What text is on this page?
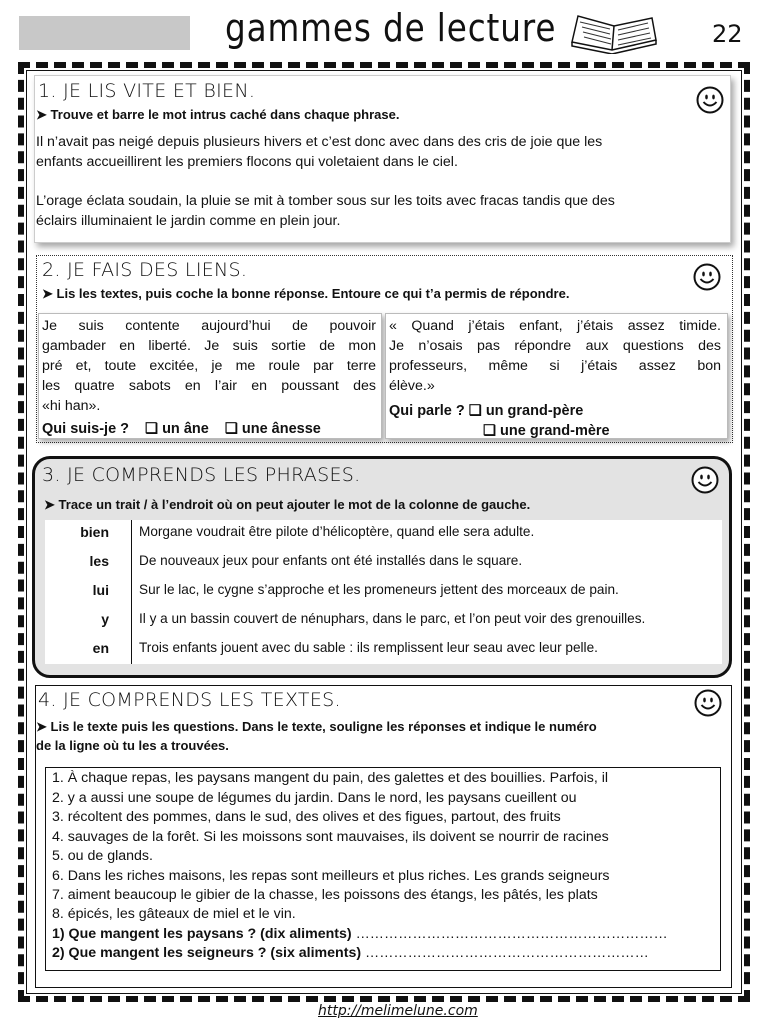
gammes de lecture	22
1. JE LIS VITE ET BIEN.
➤ Trouve et barre le mot intrus caché dans chaque phrase.
Il n’avait pas neigé depuis plusieurs hivers et c’est donc avec dans des cris de joie que les
enfants accueillirent les premiers flocons qui voletaient dans le ciel.
L’orage éclata soudain, la pluie se mit à tomber sous sur les toits avec fracas tandis que des
éclairs illuminaient le jardin comme en plein jour.
2. JE FAIS DES LIENS.
➤ Lis les textes, puis coche la bonne réponse. Entoure ce qui t’a permis de répondre.
Je suis contente aujourd’hui de pouvoir
gambader en liberté. Je suis sortie de mon
pré et, toute excitée, je me roule par terre
les quatre sabots en l’air en poussant des
«hi han».
Qui suis-je ? ❏ un âne ❏ une ânesse
« Quand j’étais enfant, j’étais assez timide.
Je n’osais pas répondre aux questions des
professeurs, même si j’étais assez bon
élève.»
Qui parle ? ❏ un grand-père
❏ une grand-mère
3. JE COMPRENDS LES PHRASES.
➤ Trace un trait / à l’endroit où on peut ajouter le mot de la colonne de gauche.
bien Morgane voudrait être pilote d’hélicoptère, quand elle sera adulte.
les De nouveaux jeux pour enfants ont été installés dans le square.
lui Sur le lac, le cygne s’approche et les promeneurs jettent des morceaux de pain.
y Il y a un bassin couvert de nénuphars, dans le parc, et l’on peut voir des grenouilles.
en Trois enfants jouent avec du sable : ils remplissent leur seau avec leur pelle.
4. JE COMPRENDS LES TEXTES.
➤ Lis le texte puis les questions. Dans le texte, souligne les réponses et indique le numéro
de la ligne où tu les a trouvées.
1. À chaque repas, les paysans mangent du pain, des galettes et des bouillies. Parfois, il
2. y a aussi une soupe de légumes du jardin. Dans le nord, les paysans cueillent ou
3. récoltent des pommes, dans le sud, des olives et des figues, partout, des fruits
4. sauvages de la forêt. Si les moissons sont mauvaises, ils doivent se nourrir de racines
5. ou de glands.
6. Dans les riches maisons, les repas sont meilleurs et plus riches. Les grands seigneurs
7. aiment beaucoup le gibier de la chasse, les poissons des étangs, les pâtés, les plats
8. épicés, les gâteaux de miel et le vin.
1) Que mangent les paysans ? (dix aliments) …………………………………………………………
2) Que mangent les seigneurs ? (six aliments) ……………………………………………………
http://melimelune.com
